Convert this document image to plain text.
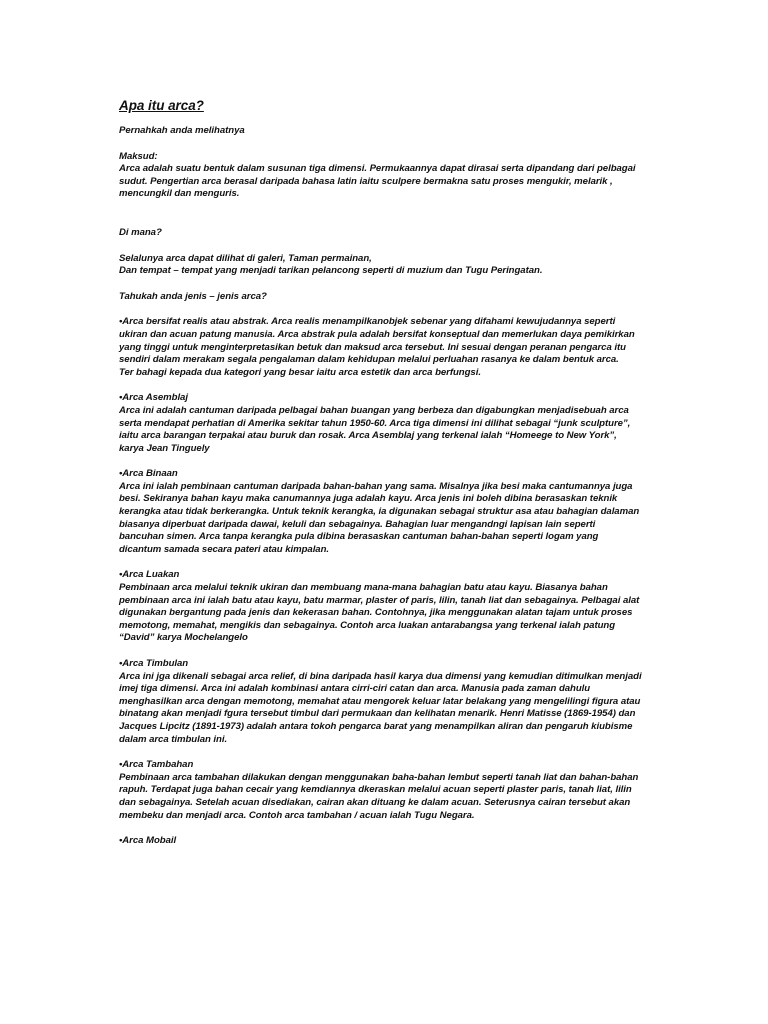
Apa itu arca?

Pernahkah anda melihatnya

Maksud:
Arca adalah suatu bentuk dalam susunan tiga dimensi. Permukaannya dapat dirasai serta dipandang dari pelbagai
sudut. Pengertian arca berasal daripada bahasa latin iaitu sculpere bermakna satu proses mengukir, melarik ,
mencungkil dan menguris.
Di mana?
Selalunya arca dapat dilihat di galeri, Taman permainan,
Dan tempat – tempat yang menjadi tarikan pelancong seperti di muzium dan Tugu Peringatan.

Tahukah anda jenis – jenis arca?

•Arca bersifat realis atau abstrak. Arca realis menampilkanobjek sebenar yang difahami kewujudannya seperti
ukiran dan acuan patung manusia. Arca abstrak pula adalah bersifat konseptual dan memerlukan daya pemikirkan
yang tinggi untuk menginterpretasikan betuk dan maksud arca tersebut. Ini sesuai dengan peranan pengarca itu
sendiri dalam merakam segala pengalaman dalam kehidupan melalui perluahan rasanya ke dalam bentuk arca.
Ter bahagi kepada dua kategori yang besar iaitu arca estetik dan arca berfungsi.
•Arca Asemblaj
Arca ini adalah cantuman daripada pelbagai bahan buangan yang berbeza dan digabungkan menjadisebuah arca
serta mendapat perhatian di Amerika sekitar tahun 1950-60. Arca tiga dimensi ini dilihat sebagai “junk sculpture”,
iaitu arca barangan terpakai atau buruk dan rosak. Arca Asemblaj yang terkenal ialah “Homeege to New York”,
karya Jean Tinguely
•Arca Binaan
Arca ini ialah pembinaan cantuman daripada bahan-bahan yang sama. Misalnya jika besi maka cantumannya juga
besi. Sekiranya bahan kayu maka canumannya juga adalah kayu. Arca jenis ini boleh dibina berasaskan teknik
kerangka atau tidak berkerangka. Untuk teknik kerangka, ia digunakan sebagai struktur asa atau bahagian dalaman
biasanya diperbuat daripada dawai, keluli dan sebagainya. Bahagian luar mengandngi lapisan lain seperti
bancuhan simen. Arca tanpa kerangka pula dibina berasaskan cantuman bahan-bahan seperti logam yang
dicantum samada secara pateri atau kimpalan.
•Arca Luakan
Pembinaan arca melalui teknik ukiran dan membuang mana-mana bahagian batu atau kayu. Biasanya bahan
pembinaan arca ini ialah batu atau kayu, batu marmar, plaster of paris, lilin, tanah liat dan sebagainya. Pelbagai alat
digunakan bergantung pada jenis dan kekerasan bahan. Contohnya, jika menggunakan alatan tajam untuk proses
memotong, memahat, mengikis dan sebagainya. Contoh arca luakan antarabangsa yang terkenal ialah patung
“David” karya Mochelangelo
•Arca Timbulan
Arca ini jga dikenali sebagai arca relief, di bina daripada hasil karya dua dimensi yang kemudian ditimulkan menjadi
imej tiga dimensi. Arca ini adalah kombinasi antara cirri-ciri catan dan arca. Manusia pada zaman dahulu
menghasilkan arca dengan memotong, memahat atau mengorek keluar latar belakang yang mengelilingi figura atau
binatang akan menjadi fgura tersebut timbul dari permukaan dan kelihatan menarik. Henri Matisse (1869-1954) dan
Jacques Lipcitz (1891-1973) adalah antara tokoh pengarca barat yang menampilkan aliran dan pengaruh kiubisme
dalam arca timbulan ini.
•Arca Tambahan
Pembinaan arca tambahan dilakukan dengan menggunakan baha-bahan lembut seperti tanah liat dan bahan-bahan
rapuh. Terdapat juga bahan cecair yang kemdiannya dkeraskan melalui acuan seperti plaster paris, tanah liat, lilin
dan sebagainya. Setelah acuan disediakan, cairan akan dituang ke dalam acuan. Seterusnya cairan tersebut akan
membeku dan menjadi arca. Contoh arca tambahan / acuan ialah Tugu Negara.
•Arca Mobail
